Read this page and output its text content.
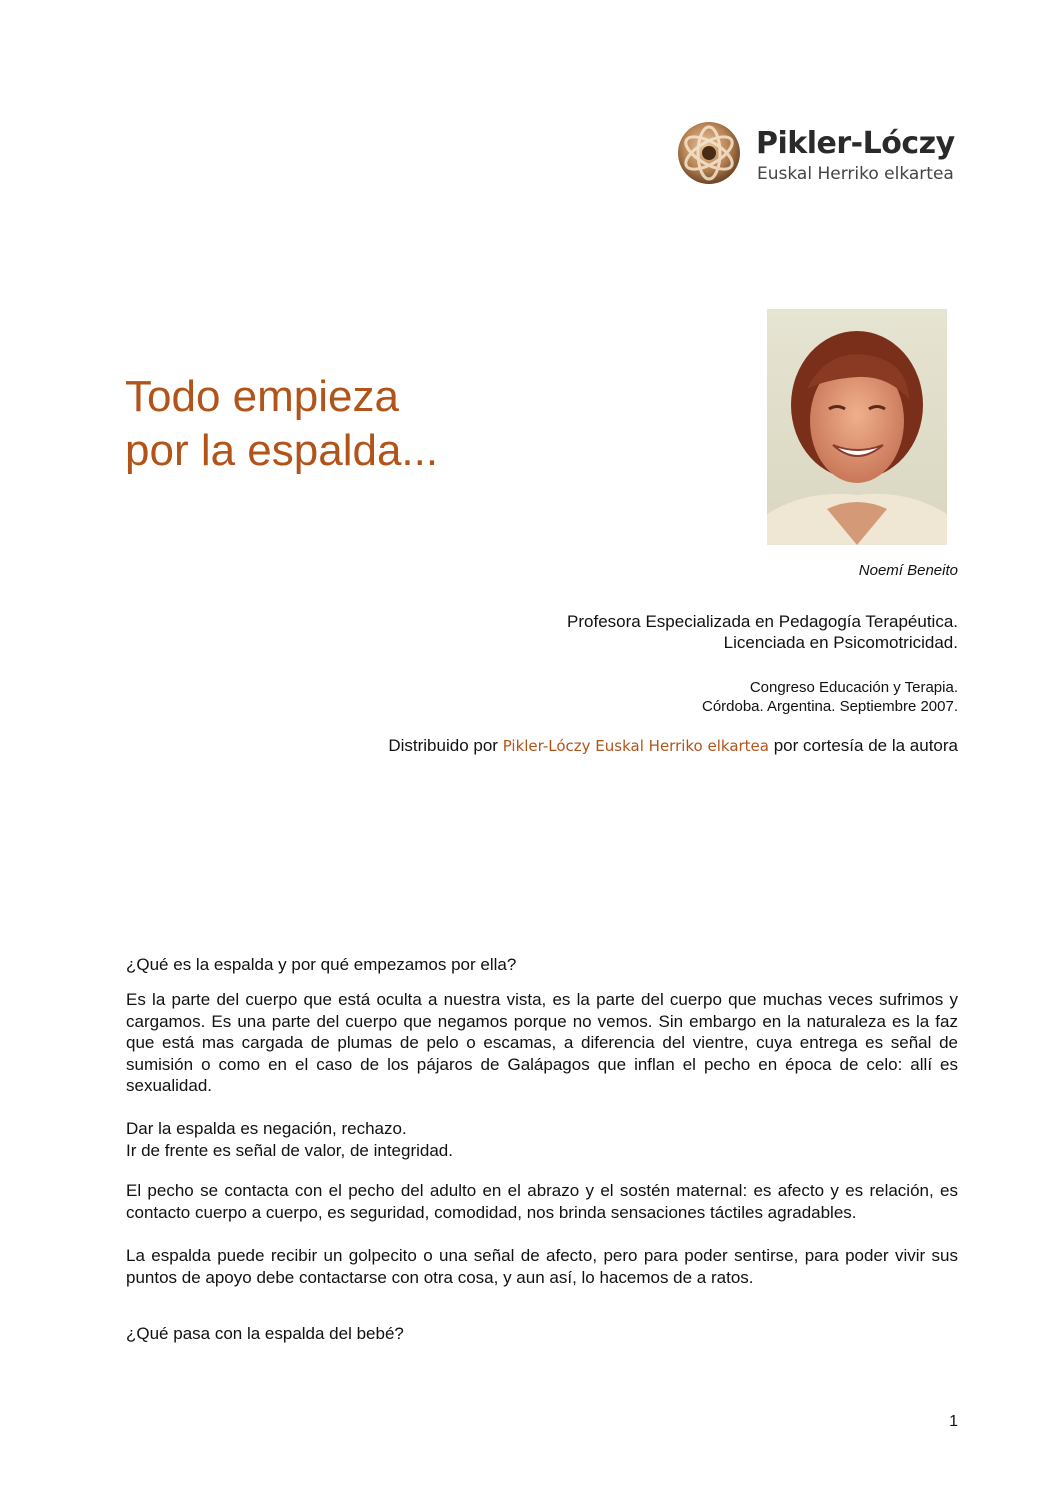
Pikler-Lóczy
Euskal Herriko elkartea
Todo empieza
por la espalda...
Noemí Beneito
Profesora Especializada en Pedagogía Terapéutica.
Licenciada en Psicomotricidad.
Congreso Educación y Terapia.
Córdoba. Argentina. Septiembre 2007.
Distribuido por Pikler-Lóczy Euskal Herriko elkartea por cortesía de la autora

¿Qué es la espalda y por qué empezamos por ella?

Es la parte del cuerpo que está oculta a nuestra vista, es la parte del cuerpo que muchas veces sufrimos y cargamos. Es una parte del cuerpo que negamos porque no vemos. Sin embargo en la naturaleza es la faz que está mas cargada de plumas de pelo o escamas, a diferencia del vientre, cuya entrega es señal de sumisión o como en el caso de los pájaros de Galápagos que inflan el pecho en época de celo: allí es sexualidad.

Dar la espalda es negación, rechazo.
Ir de frente es señal de valor, de integridad.

El pecho se contacta con el pecho del adulto en el abrazo y el sostén maternal: es afecto y es relación, es contacto cuerpo a cuerpo, es seguridad, comodidad, nos brinda sensaciones táctiles agradables.

La espalda puede recibir un golpecito o una señal de afecto, pero para poder sentirse, para poder vivir sus puntos de apoyo debe contactarse con otra cosa, y aun así, lo hacemos de a ratos.

¿Qué pasa con la espalda del bebé?

1
